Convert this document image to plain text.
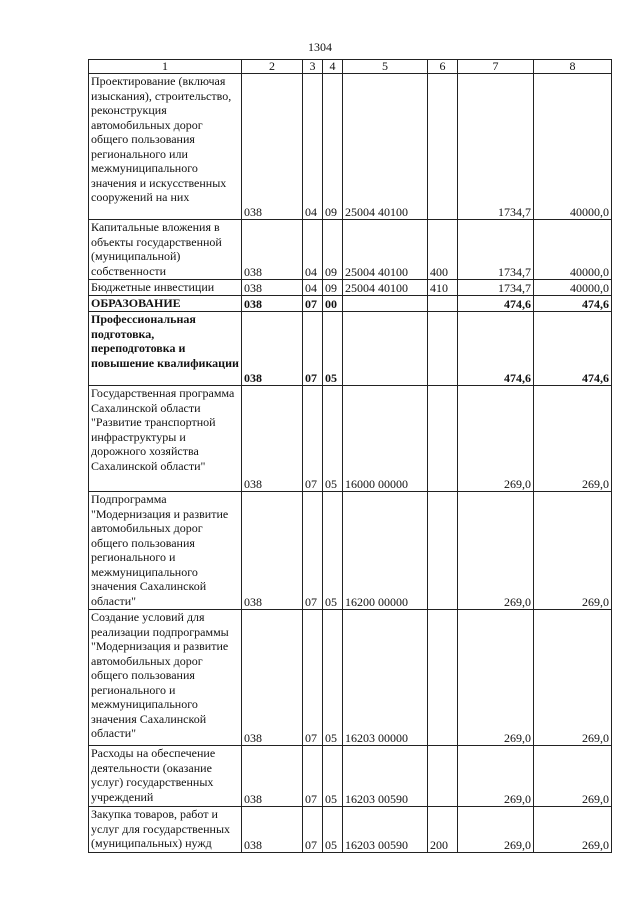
1304
1	2	3	4	5	6	7	8
Проектирование (включая изыскания), строительство, реконструкция автомобильных дорог общего пользования регионального или межмуниципального значения и искусственных сооружений на них	038	04	09	25004 40100		1734,7	40000,0
Капитальные вложения в объекты государственной (муниципальной) собственности	038	04	09	25004 40100	400	1734,7	40000,0
Бюджетные инвестиции	038	04	09	25004 40100	410	1734,7	40000,0
ОБРАЗОВАНИЕ	038	07	00			474,6	474,6
Профессиональная подготовка, переподготовка и повышение квалификации	038	07	05			474,6	474,6
Государственная программа Сахалинской области "Развитие транспортной инфраструктуры и дорожного хозяйства Сахалинской области"	038	07	05	16000 00000		269,0	269,0
Подпрограмма "Модернизация и развитие автомобильных дорог общего пользования регионального и межмуниципального значения Сахалинской области"	038	07	05	16200 00000		269,0	269,0
Создание условий для реализации подпрограммы "Модернизация и развитие автомобильных дорог общего пользования регионального и межмуниципального значения Сахалинской области"	038	07	05	16203 00000		269,0	269,0
Расходы на обеспечение деятельности (оказание услуг) государственных учреждений	038	07	05	16203 00590		269,0	269,0
Закупка товаров, работ и услуг для государственных (муниципальных) нужд	038	07	05	16203 00590	200	269,0	269,0
